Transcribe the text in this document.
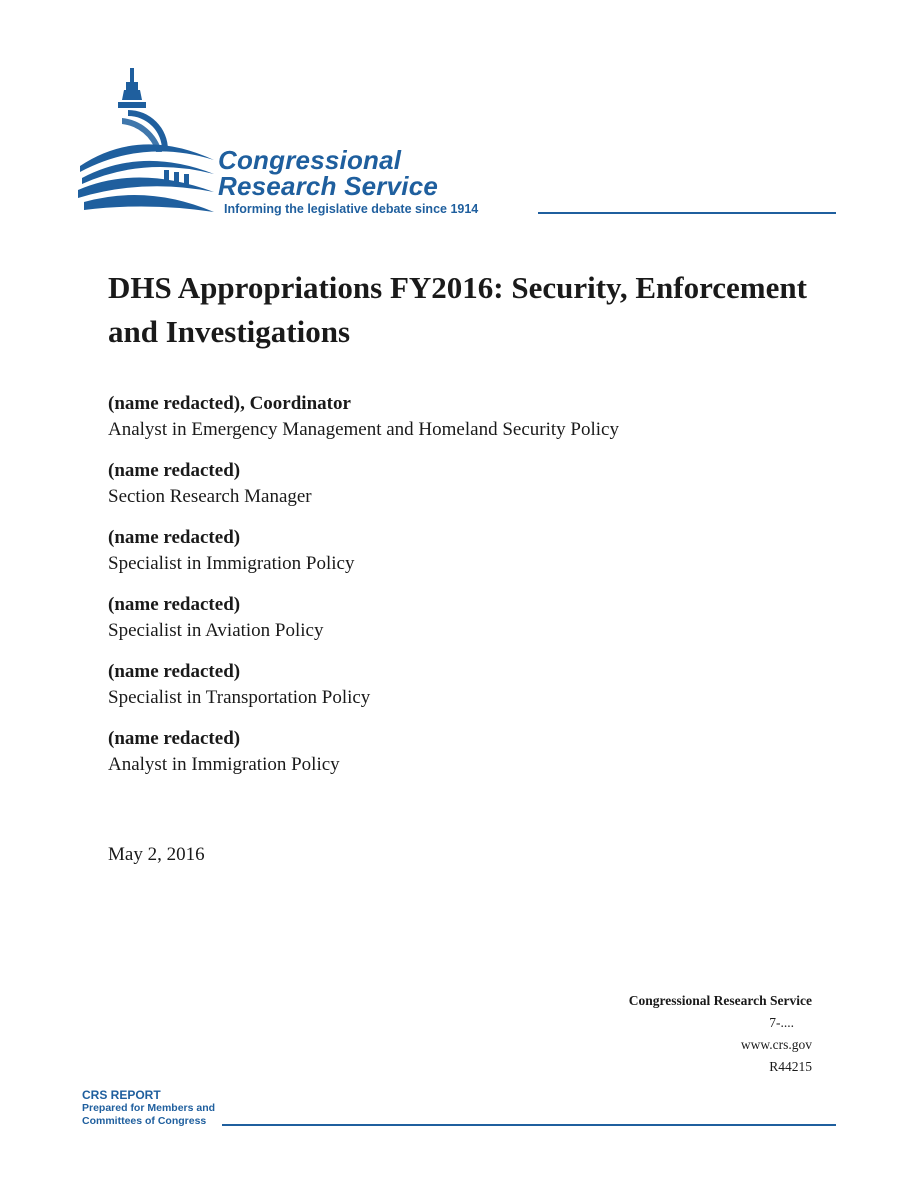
Congressional
Research Service
Informing the legislative debate since 1914
DHS Appropriations FY2016: Security, Enforcement and Investigations
(name redacted), Coordinator
Analyst in Emergency Management and Homeland Security Policy
(name redacted)
Section Research Manager
(name redacted)
Specialist in Immigration Policy
(name redacted)
Specialist in Aviation Policy
(name redacted)
Specialist in Transportation Policy
(name redacted)
Analyst in Immigration Policy
May 2, 2016
Congressional Research Service
7-....
www.crs.gov
R44215
CRS REPORT
Prepared for Members and
Committees of Congress
